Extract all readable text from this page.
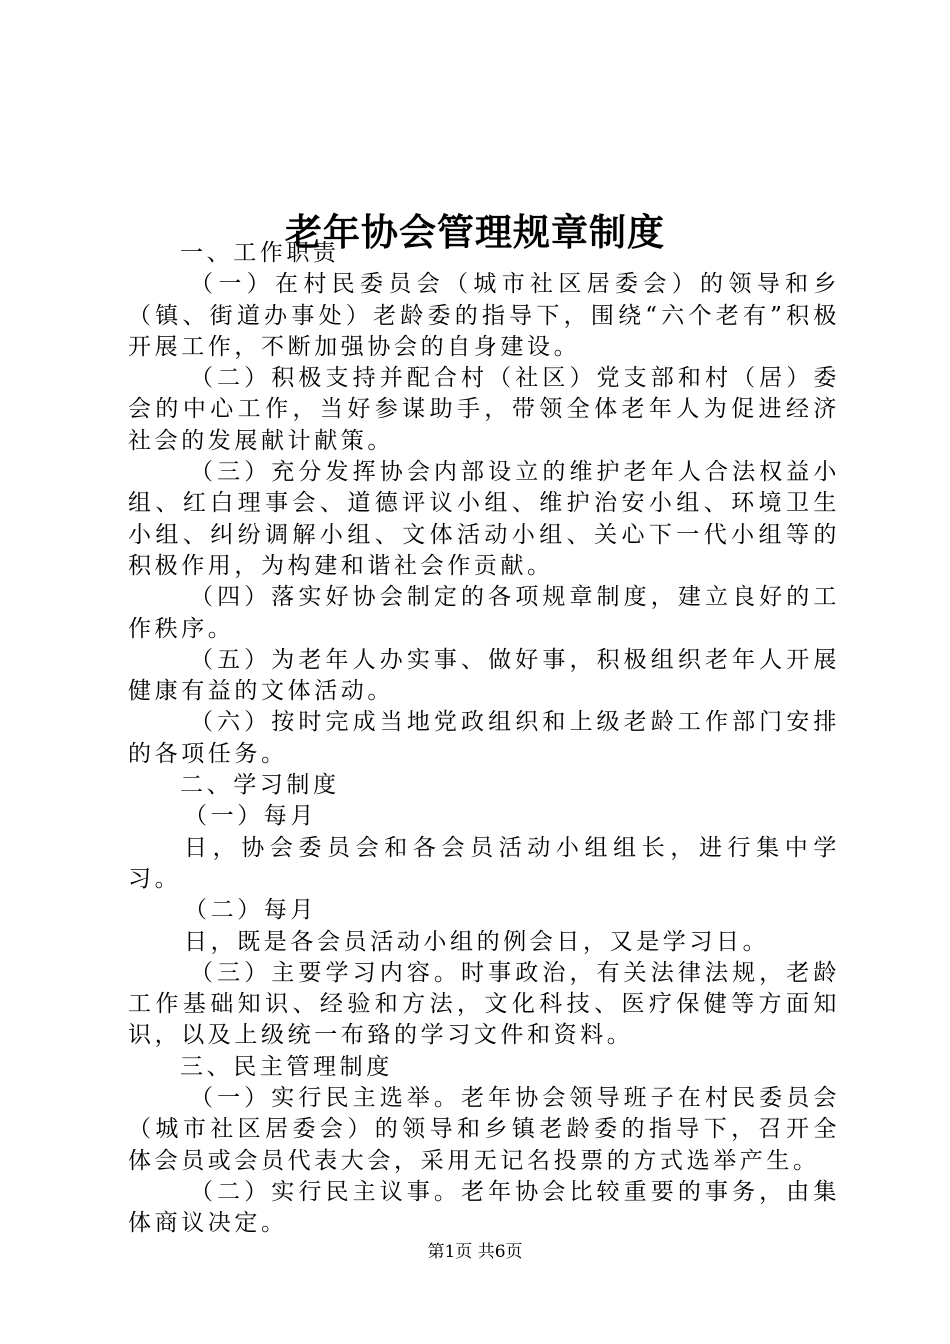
老年协会管理规章制度

一、工作职责

（一）在村民委员会（城市社区居委会）的领导和乡（镇、街道办事处）老龄委的指导下，围绕“六个老有”积极开展工作，不断加强协会的自身建设。

（二）积极支持并配合村（社区）党支部和村（居）委会的中心工作，当好参谋助手，带领全体老年人为促进经济社会的发展献计献策。

（三）充分发挥协会内部设立的维护老年人合法权益小组、红白理事会、道德评议小组、维护治安小组、环境卫生小组、纠纷调解小组、文体活动小组、关心下一代小组等的积极作用，为构建和谐社会作贡献。

（四）落实好协会制定的各项规章制度，建立良好的工作秩序。

（五）为老年人办实事、做好事，积极组织老年人开展健康有益的文体活动。

（六）按时完成当地党政组织和上级老龄工作部门安排的各项任务。

二、学习制度

（一）每月

日，协会委员会和各会员活动小组组长，进行集中学习。

（二）每月

日，既是各会员活动小组的例会日，又是学习日。

（三）主要学习内容。时事政治，有关法律法规，老龄工作基础知识、经验和方法，文化科技、医疗保健等方面知识，以及上级统一布臵的学习文件和资料。

三、民主管理制度

（一）实行民主选举。老年协会领导班子在村民委员会（城市社区居委会）的领导和乡镇老龄委的指导下，召开全体会员或会员代表大会，采用无记名投票的方式选举产生。

（二）实行民主议事。老年协会比较重要的事务，由集体商议决定。

第1页 共6页
